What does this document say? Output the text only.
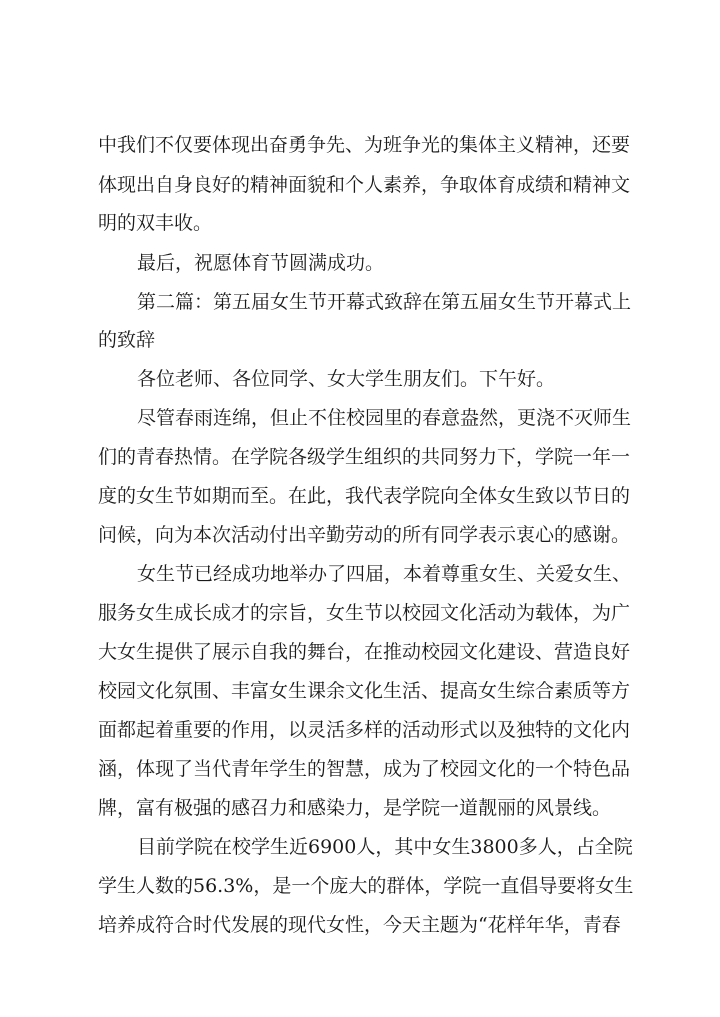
中我们不仅要体现出奋勇争先、为班争光的集体主义精神，还要
体现出自身良好的精神面貌和个人素养，争取体育成绩和精神文
明的双丰收。
最后，祝愿体育节圆满成功。
第二篇：第五届女生节开幕式致辞在第五届女生节开幕式上
的致辞
各位老师、各位同学、女大学生朋友们。下午好。
尽管春雨连绵，但止不住校园里的春意盎然，更浇不灭师生
们的青春热情。在学院各级学生组织的共同努力下，学院一年一
度的女生节如期而至。在此，我代表学院向全体女生致以节日的
问候，向为本次活动付出辛勤劳动的所有同学表示衷心的感谢。
女生节已经成功地举办了四届，本着尊重女生、关爱女生、
服务女生成长成才的宗旨，女生节以校园文化活动为载体，为广
大女生提供了展示自我的舞台，在推动校园文化建设、营造良好
校园文化氛围、丰富女生课余文化生活、提高女生综合素质等方
面都起着重要的作用，以灵活多样的活动形式以及独特的文化内
涵，体现了当代青年学生的智慧，成为了校园文化的一个特色品
牌，富有极强的感召力和感染力，是学院一道靓丽的风景线。
目前学院在校学生近6900人，其中女生3800多人，占全院
学生人数的56.3%，是一个庞大的群体，学院一直倡导要将女生
培养成符合时代发展的现代女性，今天主题为“花样年华，青春
